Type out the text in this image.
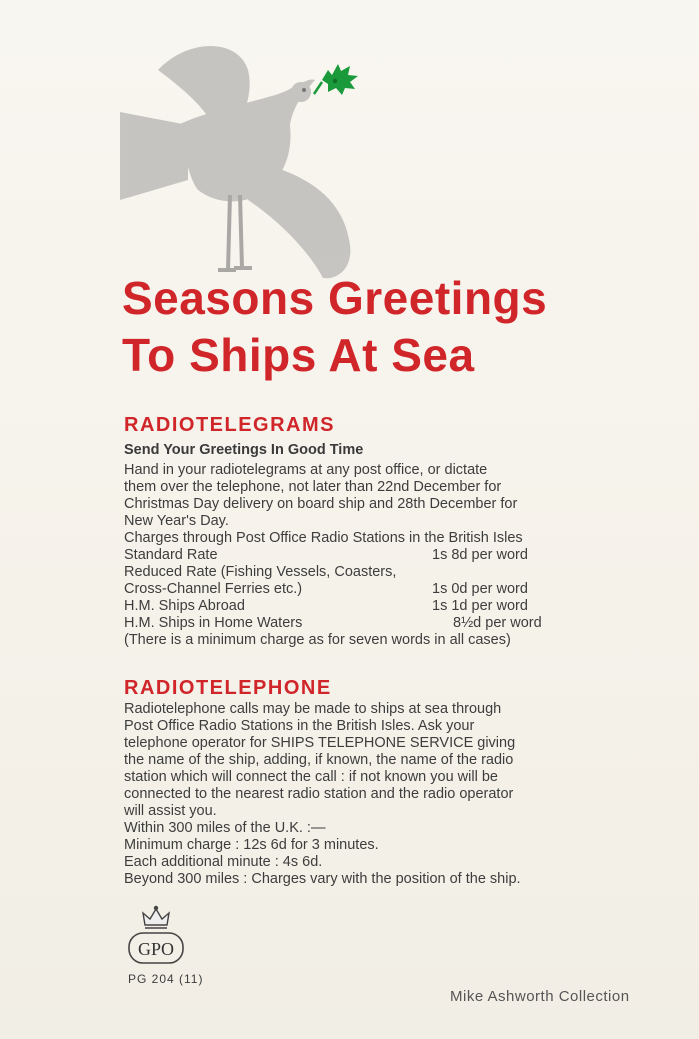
Seasons Greetings
To Ships At Sea
RADIOTELEGRAMS
Send Your Greetings In Good Time

Hand in your radiotelegrams at any post office, or dictate

them over the telephone, not later than 22nd December for

Christmas Day delivery on board ship and 28th December for

New Year's Day.

Charges through Post Office Radio Stations in the British Isles

Standard Rate	1s 8d per word
Reduced Rate (Fishing Vessels, Coasters,
Cross-Channel Ferries etc.)	1s 0d per word
H.M. Ships Abroad	1s 1d per word
H.M. Ships in Home Waters	8½d per word

(There is a minimum charge as for seven words in all cases)

RADIOTELEPHONE

Radiotelephone calls may be made to ships at sea through

Post Office Radio Stations in the British Isles. Ask your

telephone operator for SHIPS TELEPHONE SERVICE giving

the name of the ship, adding, if known, the name of the radio

station which will connect the call : if not known you will be

connected to the nearest radio station and the radio operator

will assist you.

Within 300 miles of the U.K. :—

Minimum charge : 12s 6d for 3 minutes.

Each additional minute : 4s 6d.

Beyond 300 miles : Charges vary with the position of the ship.

GPO
PG 204 (11)
Mike Ashworth Collection
